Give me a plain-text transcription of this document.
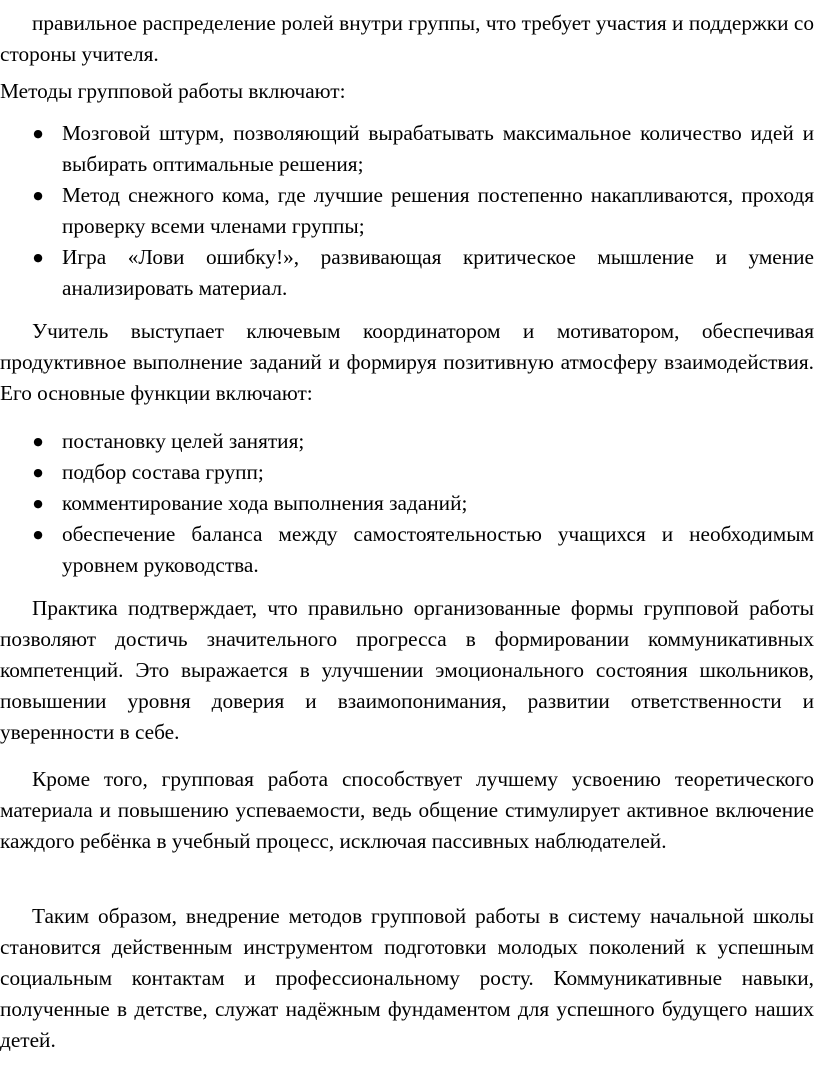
правильное распределение ролей внутри группы, что требует участия и поддержки со стороны учителя.

Методы групповой работы включают:

● Мозговой штурм, позволяющий вырабатывать максимальное количество идей и выбирать оптимальные решения;
● Метод снежного кома, где лучшие решения постепенно накапливаются, проходя проверку всеми членами группы;
● Игра «Лови ошибку!», развивающая критическое мышление и умение анализировать материал.

Учитель выступает ключевым координатором и мотиватором, обеспечивая продуктивное выполнение заданий и формируя позитивную атмосферу взаимодействия. Его основные функции включают:

● постановку целей занятия;
● подбор состава групп;
● комментирование хода выполнения заданий;
● обеспечение баланса между самостоятельностью учащихся и необходимым уровнем руководства.

Практика подтверждает, что правильно организованные формы групповой работы позволяют достичь значительного прогресса в формировании коммуникативных компетенций. Это выражается в улучшении эмоционального состояния школьников, повышении уровня доверия и взаимопонимания, развитии ответственности и уверенности в себе.

Кроме того, групповая работа способствует лучшему усвоению теоретического материала и повышению успеваемости, ведь общение стимулирует активное включение каждого ребёнка в учебный процесс, исключая пассивных наблюдателей.

Таким образом, внедрение методов групповой работы в систему начальной школы становится действенным инструментом подготовки молодых поколений к успешным социальным контактам и профессиональному росту. Коммуникативные навыки, полученные в детстве, служат надёжным фундаментом для успешного будущего наших детей.
